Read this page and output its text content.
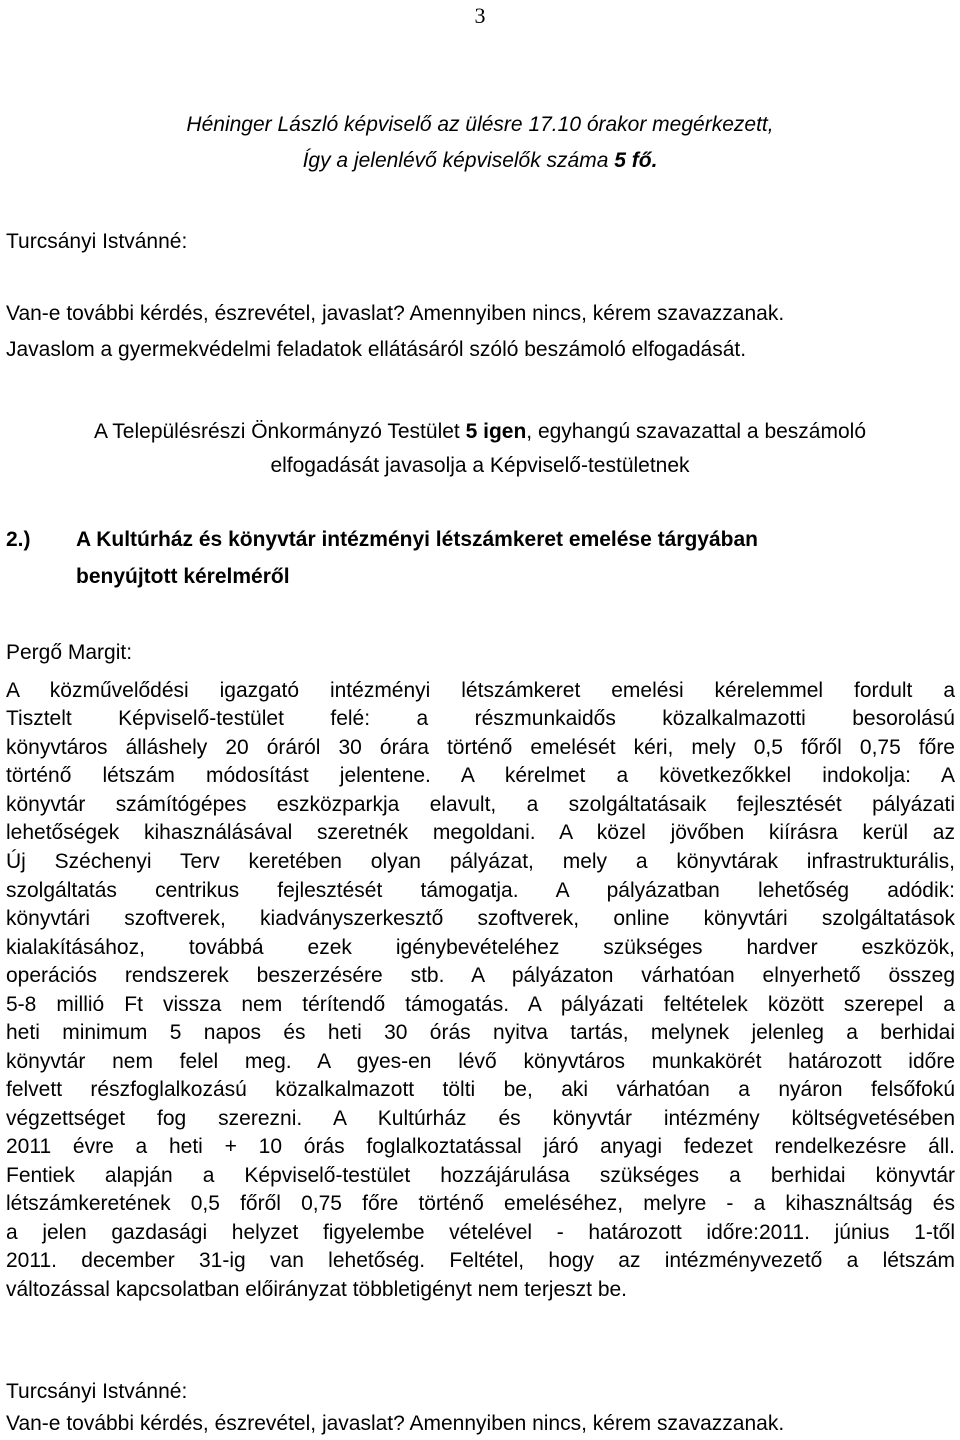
3
Héninger László képviselő az ülésre 17.10 órakor megérkezett,
Így a jelenlévő képviselők száma 5 fő.
Turcsányi Istvánné:
Van-e további kérdés, észrevétel, javaslat? Amennyiben nincs, kérem szavazzanak.
Javaslom a gyermekvédelmi feladatok ellátásáról szóló beszámoló elfogadását.
A Településrészi Önkormányzó Testület 5 igen, egyhangú szavazattal a beszámoló
elfogadását javasolja a Képviselő-testületnek
2.) A Kultúrház és könyvtár intézményi létszámkeret emelése tárgyában
benyújtott kérelméről
Pergő Margit:
A közművelődési igazgató intézményi létszámkeret emelési kérelemmel fordult a
Tisztelt Képviselő-testület felé: a részmunkaidős közalkalmazotti besorolású
könyvtáros álláshely 20 óráról 30 órára történő emelését kéri, mely 0,5 főről 0,75 főre
történő létszám módosítást jelentene. A kérelmet a következőkkel indokolja: A
könyvtár számítógépes eszközparkja elavult, a szolgáltatásaik fejlesztését pályázati
lehetőségek kihasználásával szeretnék megoldani. A közel jövőben kiírásra kerül az
Új Széchenyi Terv keretében olyan pályázat, mely a könyvtárak infrastrukturális,
szolgáltatás centrikus fejlesztését támogatja. A pályázatban lehetőség adódik:
könyvtári szoftverek, kiadványszerkesztő szoftverek, online könyvtári szolgáltatások
kialakításához, továbbá ezek igénybevételéhez szükséges hardver eszközök,
operációs rendszerek beszerzésére stb. A pályázaton várhatóan elnyerhető összeg
5-8 millió Ft vissza nem térítendő támogatás. A pályázati feltételek között szerepel a
heti minimum 5 napos és heti 30 órás nyitva tartás, melynek jelenleg a berhidai
könyvtár nem felel meg. A gyes-en lévő könyvtáros munkakörét határozott időre
felvett részfoglalkozású közalkalmazott tölti be, aki várhatóan a nyáron felsőfokú
végzettséget fog szerezni. A Kultúrház és könyvtár intézmény költségvetésében
2011 évre a heti + 10 órás foglalkoztatással járó anyagi fedezet rendelkezésre áll.
Fentiek alapján a Képviselő-testület hozzájárulása szükséges a berhidai könyvtár
létszámkeretének 0,5 főről 0,75 főre történő emeléséhez, melyre - a kihasználtság és
a jelen gazdasági helyzet figyelembe vételével - határozott időre:2011. június 1-től
2011. december 31-ig van lehetőség. Feltétel, hogy az intézményvezető a létszám
változással kapcsolatban előirányzat többletigényt nem terjeszt be.
Turcsányi Istvánné:
Van-e további kérdés, észrevétel, javaslat? Amennyiben nincs, kérem szavazzanak.
